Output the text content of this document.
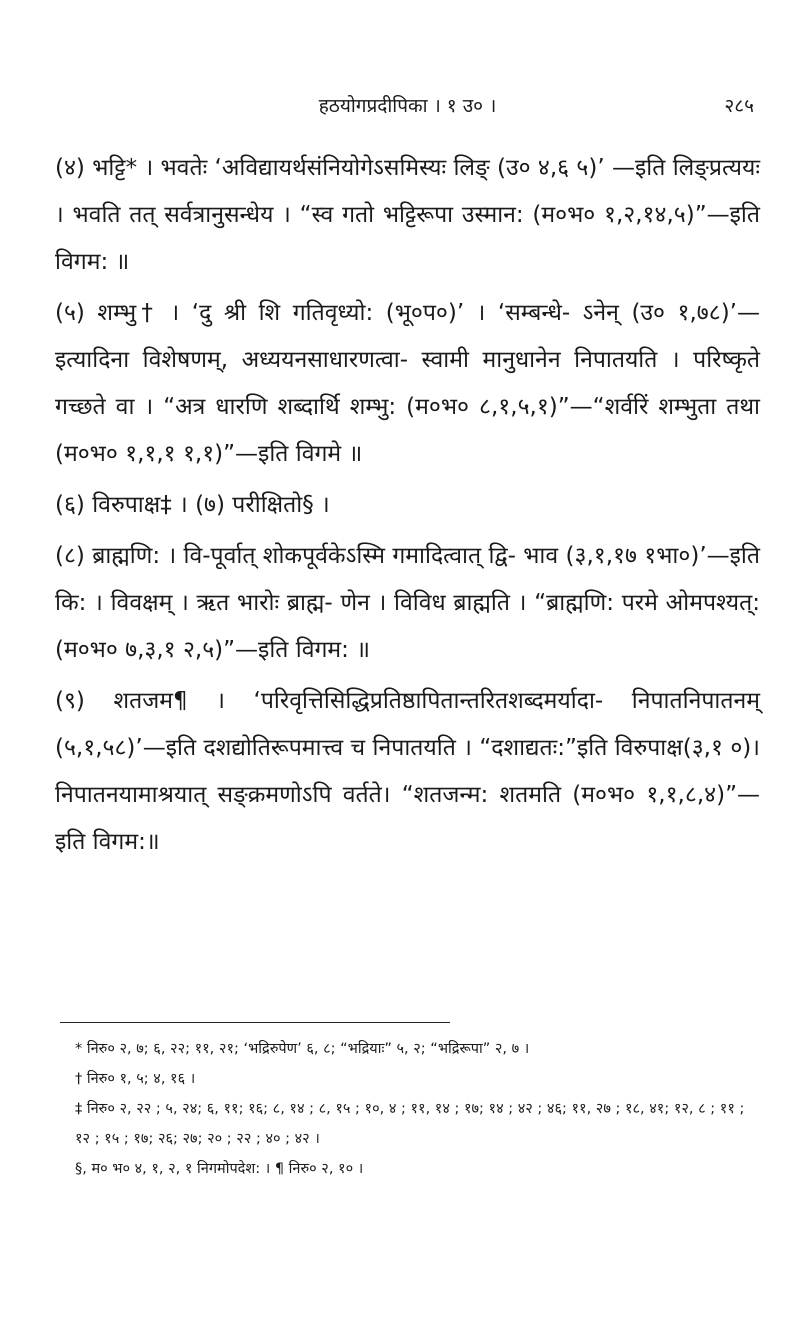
हठयोगप्रदीपिका । १ उ० ।	२८५

(४) भट्टि* । भवतेः ‘अविद्यायर्थसंनियोगेऽसमिस्यः लिङ् (उ० ४,६ ५)’ —इति लिङ्प्रत्ययः । भवति तत् सर्वत्रानुसन्धेय । “स्व गतो भट्टिरूपा उस्मान: (म०भ० १,२,१४,५)”—इति विगम: ॥

(५) शम्भु† । ‘दु श्री शि गतिवृध्यो: (भू०प०)’ । ‘सम्बन्धे- ऽनेन् (उ० १,७८)’—इत्यादिना विशेषणम्, अध्ययनसाधारणत्वा- स्वामी मानुधानेन निपातयति । परिष्कृते गच्छते वा । “अत्र धारणि शब्दार्थि शम्भु: (म०भ० ८,१,५,१)”—“शर्वरिं शम्भुता तथा (म०भ० १,१,१ १,१)”—इति विगमे ॥

(६) विरुपाक्ष‡ । (७) परीक्षितो§ ।

(८) ब्राह्मणि: । वि-पूर्वात्‌ शोकपूर्वकेऽस्मि गमादित्वात्‌ द्वि- भाव (३,१,१७ १भा०)’—इति कि: । विवक्षम् । ऋत भारोः ब्राह्म- णेन । विविध ब्राह्मति । “ब्राह्मणि: परमे ओमपश्यत्‌: (म०भ० ७,३,१ २,५)”—इति विगम: ॥

(९) शतजम¶ । ‘परिवृत्तिसिद्धिप्रतिष्ठापितान्तरितशब्दमर्यादा- निपातनिपातनम् (५,१,५८)’—इति दशद्योतिरूपमात्त्व च निपातयति । “दशाद्यतः:”इति विरुपाक्ष(३,१ ०)। निपातनयामाश्रयात्‌ सङ्क्रमणोऽपि वर्तते। “शतजन्म: शतमति (म०भ० १,१,८,४)”—इति विगम:॥

* निरु० २, ७; ६, २२; ११, २१; ‘भद्रिरुपेण’ ६, ८; “भद्रियाः” ५, २; “भद्रिरूपा” २, ७ ।

† निरु० १, ५; ४, १६ ।

‡ निरु० २, २२ ; ५, २४; ६, ११; १६; ८, १४ ; ८, १५ ; १०, ४ ; ११, १४ ; १७; १४ ; ४२ ; ४६; ११, २७ ; १८, ४१; १२, ८ ; ११ ; १२ ; १५ ; १७; २६; २७; २० ; २२ ; ४० ; ४२ ।

§, म० भ० ४, १, २, १ निगमोपदेश: । ¶ निरु० २, १० ।
